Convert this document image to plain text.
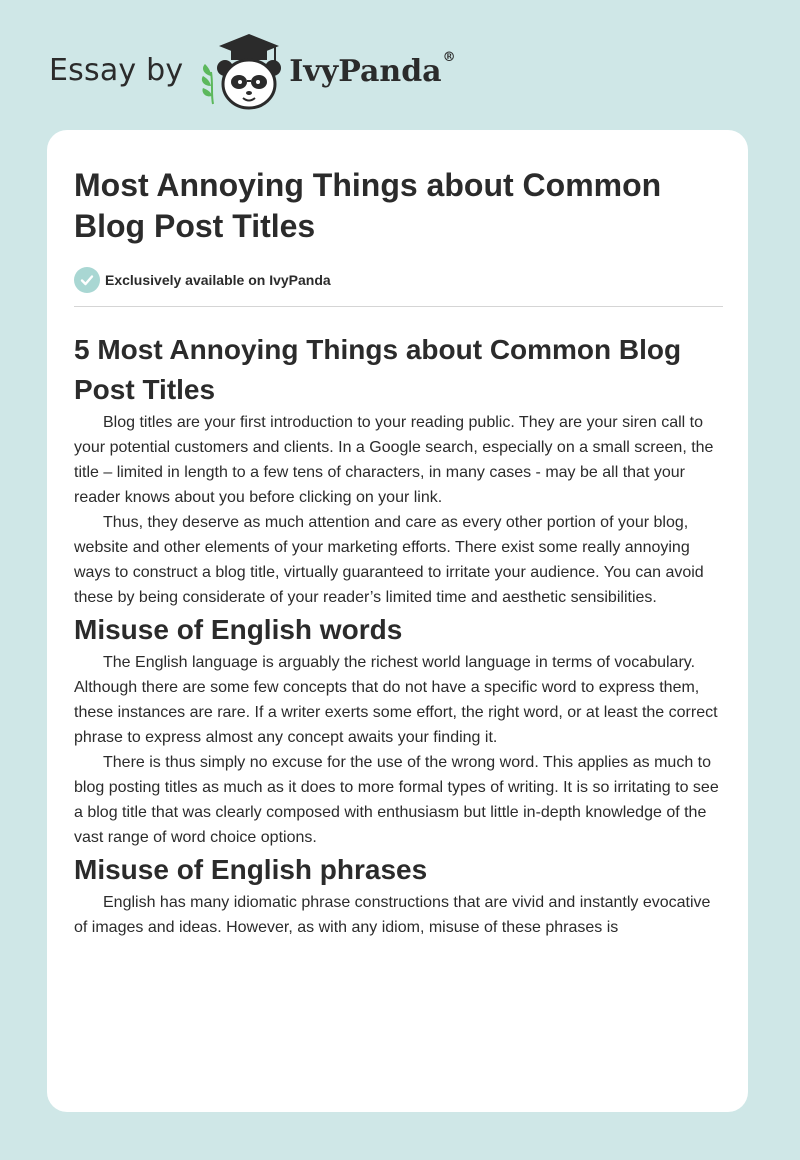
Essay by	IvyPanda®
Most Annoying Things about Common Blog Post Titles
Exclusively available on IvyPanda
5 Most Annoying Things about Common Blog Post Titles

Blog titles are your first introduction to your reading public. They are your siren call to your potential customers and clients. In a Google search, especially on a small screen, the title – limited in length to a few tens of characters, in many cases - may be all that your reader knows about you before clicking on your link.

Thus, they deserve as much attention and care as every other portion of your blog, website and other elements of your marketing efforts. There exist some really annoying ways to construct a blog title, virtually guaranteed to irritate your audience. You can avoid these by being considerate of your reader’s limited time and aesthetic sensibilities.

Misuse of English words

The English language is arguably the richest world language in terms of vocabulary. Although there are some few concepts that do not have a specific word to express them, these instances are rare. If a writer exerts some effort, the right word, or at least the correct phrase to express almost any concept awaits your finding it.

There is thus simply no excuse for the use of the wrong word. This applies as much to blog posting titles as much as it does to more formal types of writing. It is so irritating to see a blog title that was clearly composed with enthusiasm but little in-depth knowledge of the vast range of word choice options.

Misuse of English phrases

English has many idiomatic phrase constructions that are vivid and instantly evocative of images and ideas. However, as with any idiom, misuse of these phrases is
